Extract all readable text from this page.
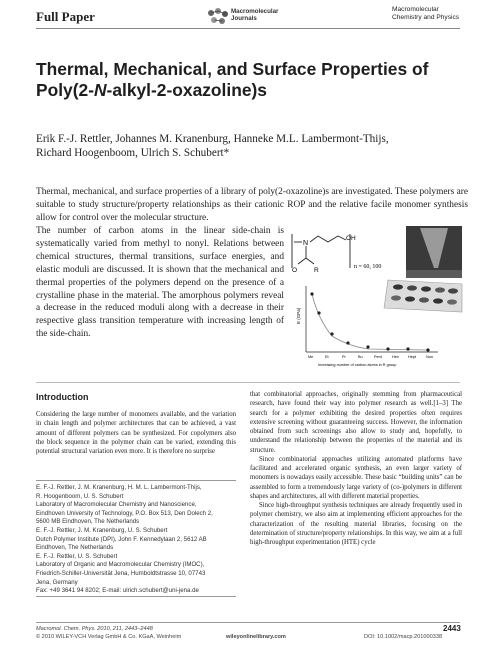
Full Paper	Macromolecular
Journals
Macromolecular
Chemistry and Physics
Thermal, Mechanical, and Surface Properties of
Poly(2-N-alkyl-2-oxazoline)s
Erik F.-J. Rettler, Johannes M. Kranenburg, Hanneke M.L. Lambermont-Thijs,
Richard Hoogenboom, Ulrich S. Schubert*
Thermal, mechanical, and surface properties of a library of poly(2-oxazoline)s are investigated. These polymers are suitable to study structure/property relationships as their cationic ROP and the relative facile monomer synthesis allow for control over the molecular structure.
The number of carbon atoms in the linear side-chain is systematically varied from methyl to nonyl. Relations between chemical structures, thermal transitions, surface energies, and elastic moduli are discussed. It is shown that the mechanical and thermal properties of the polymers depend on the presence of a crystalline phase in the material. The amorphous polymers reveal a decrease in the reduced moduli along with a decrease in their respective glass transition temperature with increasing length of the side-chain.
N
OH
O	R	n = 60, 100
E (GPa)
Me	Et	Pr	Bu	Pent	Hex Hept	Non
Increasing number of carbon atoms in R group
Introduction
Considering the large number of monomers available, and the variation in chain length and polymer architectures that can be achieved, a vast amount of different polymers can be synthesized. For copolymers also the block sequence in the polymer chain can be varied, extending this potential structural variation even more. It is therefore no surprise
E. F.-J. Rettler, J. M. Kranenburg, H. M. L. Lambermont-Thijs,
R. Hoogenboom, U. S. Schubert
Laboratory of Macromolecular Chemistry and Nanoscience,
Eindhoven University of Technology, P.O. Box 513, Den Dolech 2,
5600 MB Eindhoven, The Netherlands
E. F.-J. Rettler, J. M. Kranenburg, U. S. Schubert
Dutch Polymer Institute (DPI), John F. Kennedylaan 2, 5612 AB
Eindhoven, The Netherlands
E. F.-J. Rettler, U. S. Schubert
Laboratory of Organic and Macromolecular Chemistry (IMOC),
Friedrich-Schiller-Universität Jena, Humboldtstrasse 10, 07743
Jena, Germany
Fax: +49 3641 94 8202; E-mail: ulrich.schubert@uni-jena.de

that combinatorial approaches, originally stemming from pharmaceutical research, have found their way into polymer research as well.[1–3] The search for a polymer exhibiting the desired properties often requires extensive screening without guaranteeing success. However, the information obtained from such screenings also allow to study and, hopefully, to understand the relationship between the properties of the material and its structure.

Since combinatorial approaches utilizing automated platforms have facilitated and accelerated organic synthesis, an even larger variety of monomers is nowadays easily accessible. These basic “building units” can be assembled to form a tremendously large variety of (co-)polymers in different shapes and architectures, all with different material properties.

Since high-throughput synthesis techniques are already frequently used in polymer chemistry, we also aim at implementing efficient approaches for the characterization of the resulting material libraries, focusing on the determination of structure/property relationships. In this way, we aim at a full high-throughput experimentation (HTE) cycle

Macromol. Chem. Phys. 2010, 211, 2443–2448
© 2010 WILEY-VCH Verlag GmbH & Co. KGaA, Weinheim	wileyonlinelibrary.com	DOI: 10.1002/macp.201000338
2443
